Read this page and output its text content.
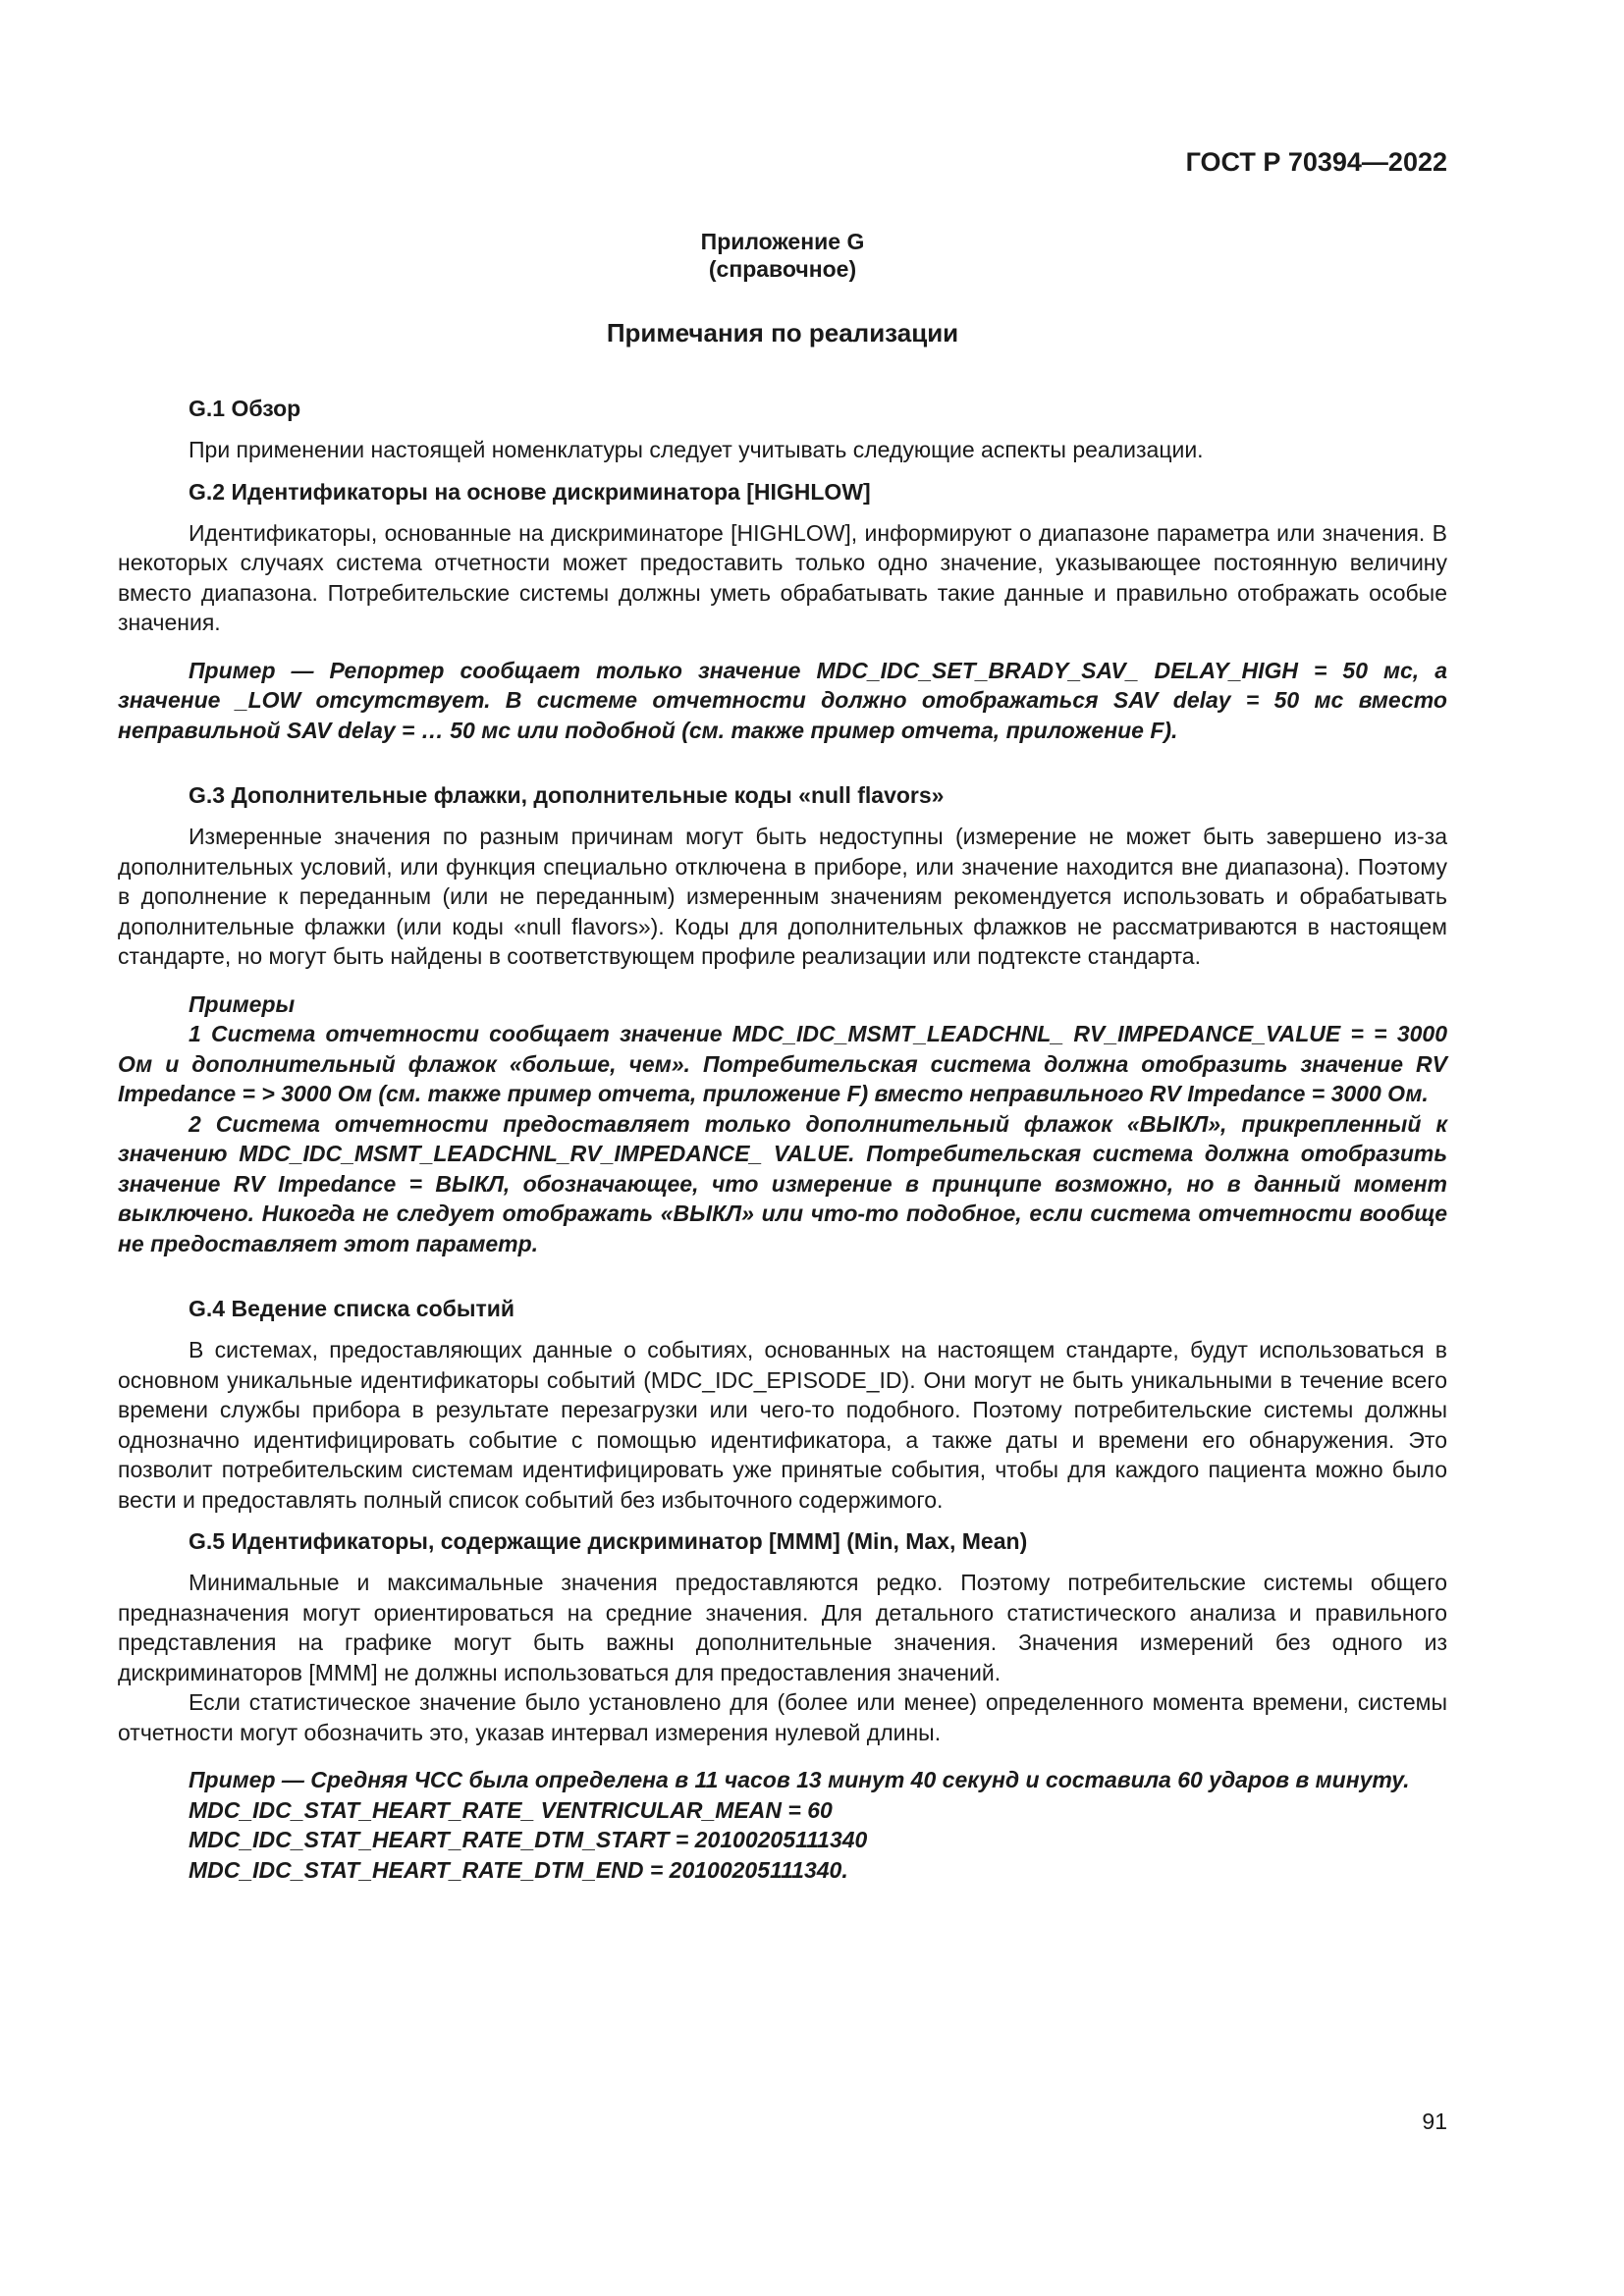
ГОСТ Р 70394—2022
Приложение G
(справочное)
Примечания по реализации
G.1 Обзор

При применении настоящей номенклатуры следует учитывать следующие аспекты реализации.

G.2 Идентификаторы на основе дискриминатора [HIGHLOW]

Идентификаторы, основанные на дискриминаторе [HIGHLOW], информируют о диапазоне параметра или значения. В некоторых случаях система отчетности может предоставить только одно значение, указывающее постоянную величину вместо диапазона. Потребительские системы должны уметь обрабатывать такие данные и правильно отображать особые значения.

Пример — Репортер сообщает только значение MDC_IDC_SET_BRADY_SAV_ DELAY_HIGH = 50 мс, а значение _LOW отсутствует. В системе отчетности должно отображаться SAV delay = 50 мс вместо неправильной SAV delay = … 50 мс или подобной (см. также пример отчета, приложение F).

G.3 Дополнительные флажки, дополнительные коды «null flavors»

Измеренные значения по разным причинам могут быть недоступны (измерение не может быть завершено из-за дополнительных условий, или функция специально отключена в приборе, или значение находится вне диапазона). Поэтому в дополнение к переданным (или не переданным) измеренным значениям рекомендуется использовать и обрабатывать дополнительные флажки (или коды «null flavors»). Коды для дополнительных флажков не рассматриваются в настоящем стандарте, но могут быть найдены в соответствующем профиле реализации или подтексте стандарта.

Примеры

1 Система отчетности сообщает значение MDC_IDC_MSMT_LEADCHNL_ RV_IMPEDANCE_VALUE = = 3000 Ом и дополнительный флажок «больше, чем». Потребительская система должна отобразить значение RV Impedance = > 3000 Ом (см. также пример отчета, приложение F) вместо неправильного RV Impedance = 3000 Ом.

2 Система отчетности предоставляет только дополнительный флажок «ВЫКЛ», прикрепленный к значению MDC_IDC_MSMT_LEADCHNL_RV_IMPEDANCE_ VALUE. Потребительская система должна отобразить значение RV Impedance = ВЫКЛ, обозначающее, что измерение в принципе возможно, но в данный момент выключено. Никогда не следует отображать «ВЫКЛ» или что-то подобное, если система отчетности вообще не предоставляет этот параметр.

G.4 Ведение списка событий

В системах, предоставляющих данные о событиях, основанных на настоящем стандарте, будут использоваться в основном уникальные идентификаторы событий (MDC_IDC_EPISODE_ID). Они могут не быть уникальными в течение всего времени службы прибора в результате перезагрузки или чего-то подобного. Поэтому потребительские системы должны однозначно идентифицировать событие с помощью идентификатора, а также даты и времени его обнаружения. Это позволит потребительским системам идентифицировать уже принятые события, чтобы для каждого пациента можно было вести и предоставлять полный список событий без избыточного содержимого.

G.5 Идентификаторы, содержащие дискриминатор [MMM] (Min, Max, Mean)

Минимальные и максимальные значения предоставляются редко. Поэтому потребительские системы общего предназначения могут ориентироваться на средние значения. Для детального статистического анализа и правильного представления на графике могут быть важны дополнительные значения. Значения измерений без одного из дискриминаторов [MMM] не должны использоваться для предоставления значений.

Если статистическое значение было установлено для (более или менее) определенного момента времени, системы отчетности могут обозначить это, указав интервал измерения нулевой длины.

Пример — Средняя ЧСС была определена в 11 часов 13 минут 40 секунд и составила 60 ударов в минуту.

MDC_IDC_STAT_HEART_RATE_ VENTRICULAR_MEAN = 60
MDC_IDC_STAT_HEART_RATE_DTM_START = 20100205111340
MDC_IDC_STAT_HEART_RATE_DTM_END = 20100205111340.
91
